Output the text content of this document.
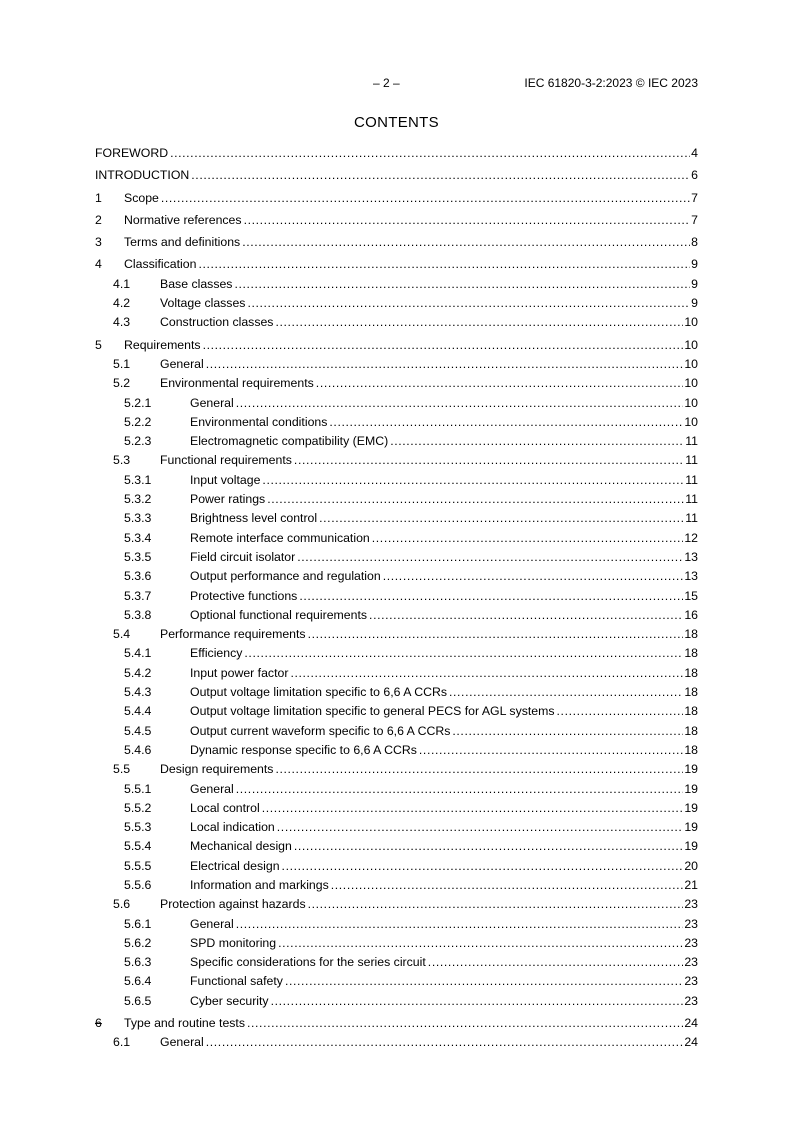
– 2 –	IEC 61820-3-2:2023 © IEC 2023
CONTENTS
FOREWORD .....	4
INTRODUCTION .....	6
1 Scope .....	7
2 Normative references .....	7
3 Terms and definitions .....	8
4 Classification .....	9
4.1 Base classes .....	9
4.2 Voltage classes .....	9
4.3 Construction classes .....	10
5 Requirements .....	10
5.1 General .....	10
5.2 Environmental requirements .....	10
5.2.1	General .....	10
5.2.2	Environmental conditions .....	10
5.2.3	Electromagnetic compatibility (EMC) .....	11
5.3 Functional requirements .....	11
5.3.1	Input voltage .....	11
5.3.2	Power ratings .....	11
5.3.3	Brightness level control .....	11
5.3.4	Remote interface communication .....	12
5.3.5	Field circuit isolator .....	13
5.3.6	Output performance and regulation .....	13
5.3.7	Protective functions .....	15
5.3.8	Optional functional requirements .....	16
5.4 Performance requirements .....	18
5.4.1	Efficiency .....	18
5.4.2	Input power factor .....	18
5.4.3	Output voltage limitation specific to 6,6 A CCRs .....	18
5.4.4	Output voltage limitation specific to general PECS for AGL systems .....	18
5.4.5	Output current waveform specific to 6,6 A CCRs .....	18
5.4.6	Dynamic response specific to 6,6 A CCRs .....	18
5.5 Design requirements .....	19
5.5.1	General .....	19
5.5.2	Local control .....	19
5.5.3	Local indication .....	19
5.5.4	Mechanical design .....	19
5.5.5	Electrical design .....	20
5.5.6	Information and markings .....	21
5.6 Protection against hazards .....	23
5.6.1	General .....	23
5.6.2	SPD monitoring .....	23
5.6.3	Specific considerations for the series circuit .....	23
5.6.4	Functional safety .....	23
5.6.5	Cyber security .....	23
6 Type and routine tests .....	24
6.1 General .....	24
